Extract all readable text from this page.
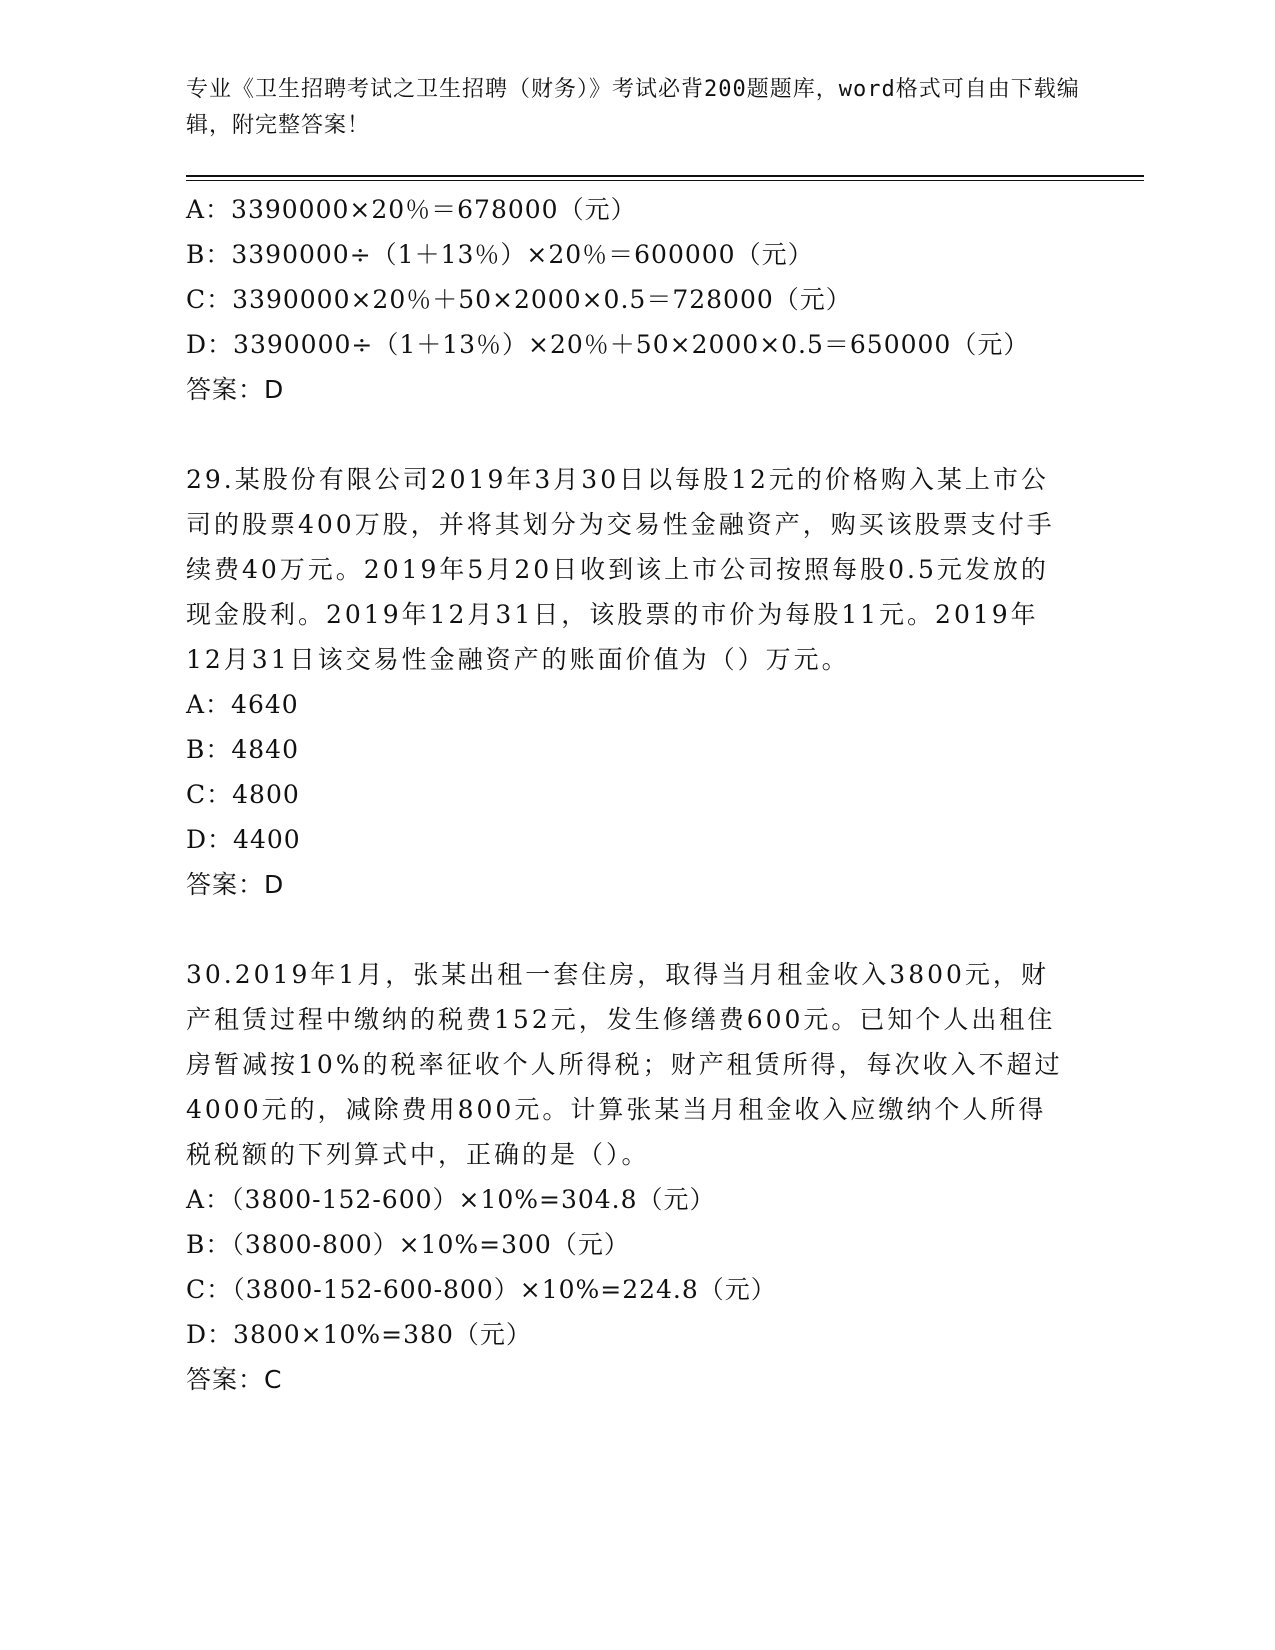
专业《卫生招聘考试之卫生招聘（财务）》考试必背200题题库，word格式可自由下载编辑，附完整答案！
A：3390000×20％＝678000（元）
B：3390000÷（1＋13％）×20％＝600000（元）
C：3390000×20％＋50×2000×0.5＝728000（元）
D：3390000÷（1＋13％）×20％＋50×2000×0.5＝650000（元）
答案：D
29.某股份有限公司2019年3月30日以每股12元的价格购入某上市公司的股票400万股，并将其划分为交易性金融资产，购买该股票支付手续费40万元。2019年5月20日收到该上市公司按照每股0.5元发放的现金股利。2019年12月31日，该股票的市价为每股11元。2019年12月31日该交易性金融资产的账面价值为（）万元。
A：4640
B：4840
C：4800
D：4400
答案：D
30.2019年1月，张某出租一套住房，取得当月租金收入3800元，财产租赁过程中缴纳的税费152元，发生修缮费600元。已知个人出租住房暂减按10%的税率征收个人所得税；财产租赁所得，每次收入不超过4000元的，减除费用800元。计算张某当月租金收入应缴纳个人所得税税额的下列算式中，正确的是（）。
A：（3800-152-600）×10%=304.8（元）
B：（3800-800）×10%=300（元）
C：（3800-152-600-800）×10%=224.8（元）
D：3800×10%=380（元）
答案：C
